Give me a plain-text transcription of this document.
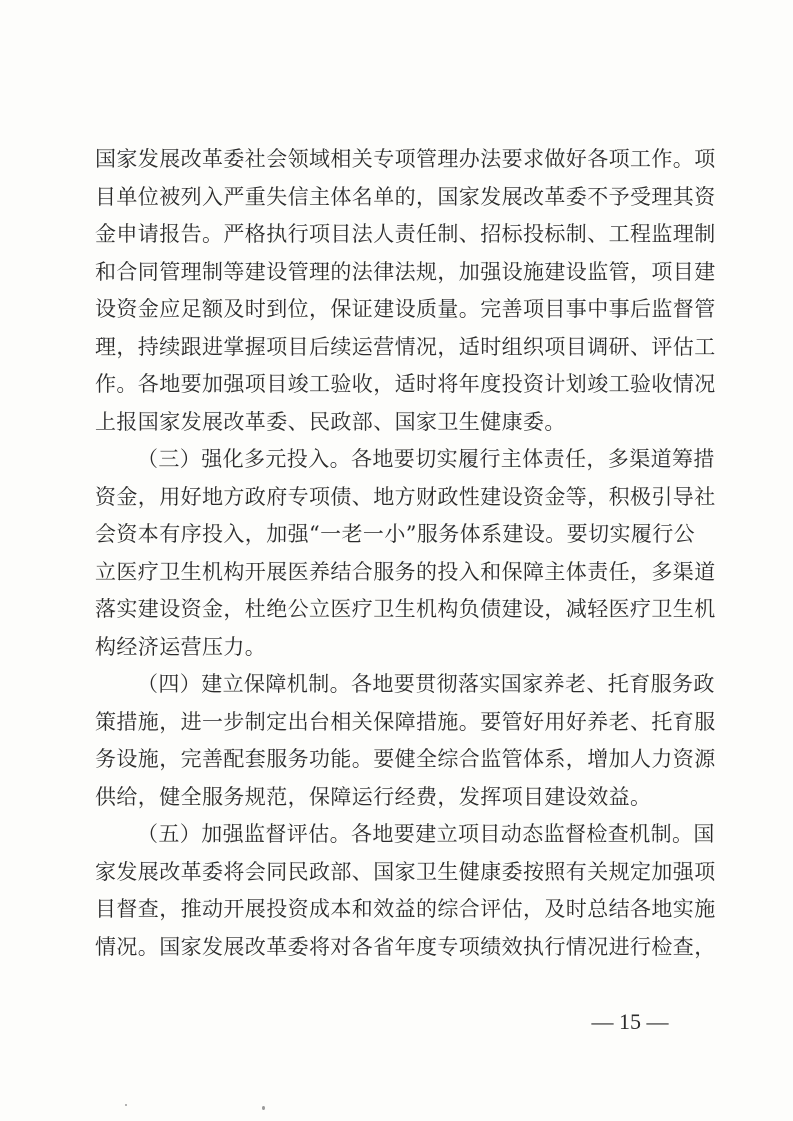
国家发展改革委社会领域相关专项管理办法要求做好各项工作。项
目单位被列入严重失信主体名单的，国家发展改革委不予受理其资
金申请报告。严格执行项目法人责任制、招标投标制、工程监理制
和合同管理制等建设管理的法律法规，加强设施建设监管，项目建
设资金应足额及时到位，保证建设质量。完善项目事中事后监督管
理，持续跟进掌握项目后续运营情况，适时组织项目调研、评估工
作。各地要加强项目竣工验收，适时将年度投资计划竣工验收情况
上报国家发展改革委、民政部、国家卫生健康委。
（三）强化多元投入。各地要切实履行主体责任，多渠道筹措
资金，用好地方政府专项债、地方财政性建设资金等，积极引导社
会资本有序投入，加强“一老一小”服务体系建设。要切实履行公
立医疗卫生机构开展医养结合服务的投入和保障主体责任，多渠道
落实建设资金，杜绝公立医疗卫生机构负债建设，减轻医疗卫生机
构经济运营压力。
（四）建立保障机制。各地要贯彻落实国家养老、托育服务政
策措施，进一步制定出台相关保障措施。要管好用好养老、托育服
务设施，完善配套服务功能。要健全综合监管体系，增加人力资源
供给，健全服务规范，保障运行经费，发挥项目建设效益。
（五）加强监督评估。各地要建立项目动态监督检查机制。国
家发展改革委将会同民政部、国家卫生健康委按照有关规定加强项
目督查，推动开展投资成本和效益的综合评估，及时总结各地实施
情况。国家发展改革委将对各省年度专项绩效执行情况进行检查，
— 15 —
